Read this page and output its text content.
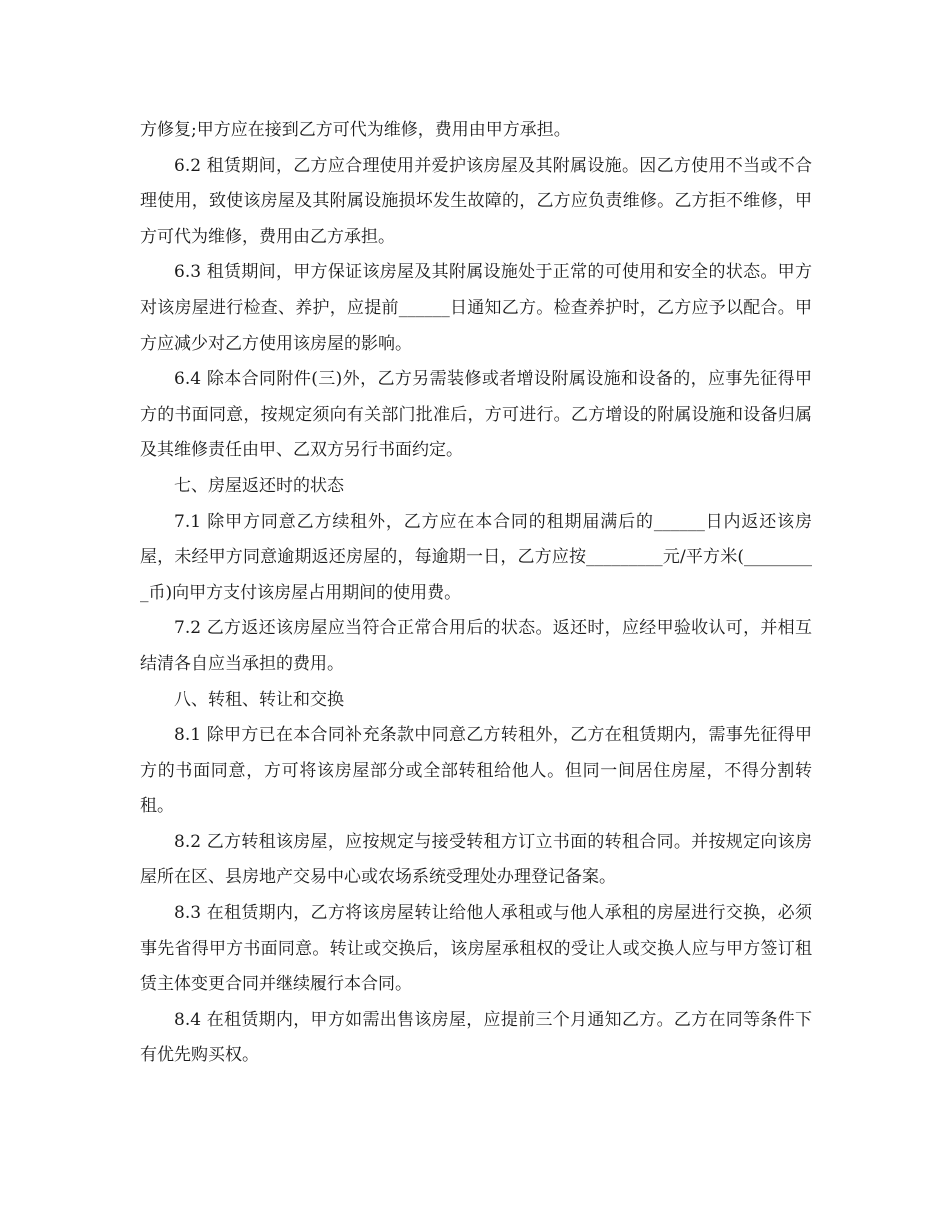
方修复;甲方应在接到乙方可代为维修，费用由甲方承担。

6.2 租赁期间，乙方应合理使用并爱护该房屋及其附属设施。因乙方使用不当或不合理使用，致使该房屋及其附属设施损坏发生故障的，乙方应负责维修。乙方拒不维修，甲方可代为维修，费用由乙方承担。

6.3 租赁期间，甲方保证该房屋及其附属设施处于正常的可使用和安全的状态。甲方对该房屋进行检查、养护，应提前______日通知乙方。检查养护时，乙方应予以配合。甲方应减少对乙方使用该房屋的影响。

6.4 除本合同附件(三)外，乙方另需装修或者增设附属设施和设备的，应事先征得甲方的书面同意，按规定须向有关部门批准后，方可进行。乙方增设的附属设施和设备归属及其维修责任由甲、乙双方另行书面约定。

七、房屋返还时的状态

7.1 除甲方同意乙方续租外，乙方应在本合同的租期届满后的______日内返还该房屋，未经甲方同意逾期返还房屋的，每逾期一日，乙方应按_________元/平方米(_________币)向甲方支付该房屋占用期间的使用费。

7.2 乙方返还该房屋应当符合正常合用后的状态。返还时，应经甲验收认可，并相互结清各自应当承担的费用。

八、转租、转让和交换

8.1 除甲方已在本合同补充条款中同意乙方转租外，乙方在租赁期内，需事先征得甲方的书面同意，方可将该房屋部分或全部转租给他人。但同一间居住房屋，不得分割转租。

8.2 乙方转租该房屋，应按规定与接受转租方订立书面的转租合同。并按规定向该房屋所在区、县房地产交易中心或农场系统受理处办理登记备案。

8.3 在租赁期内，乙方将该房屋转让给他人承租或与他人承租的房屋进行交换，必须事先省得甲方书面同意。转让或交换后，该房屋承租权的受让人或交换人应与甲方签订租赁主体变更合同并继续履行本合同。

8.4 在租赁期内，甲方如需出售该房屋，应提前三个月通知乙方。乙方在同等条件下有优先购买权。
